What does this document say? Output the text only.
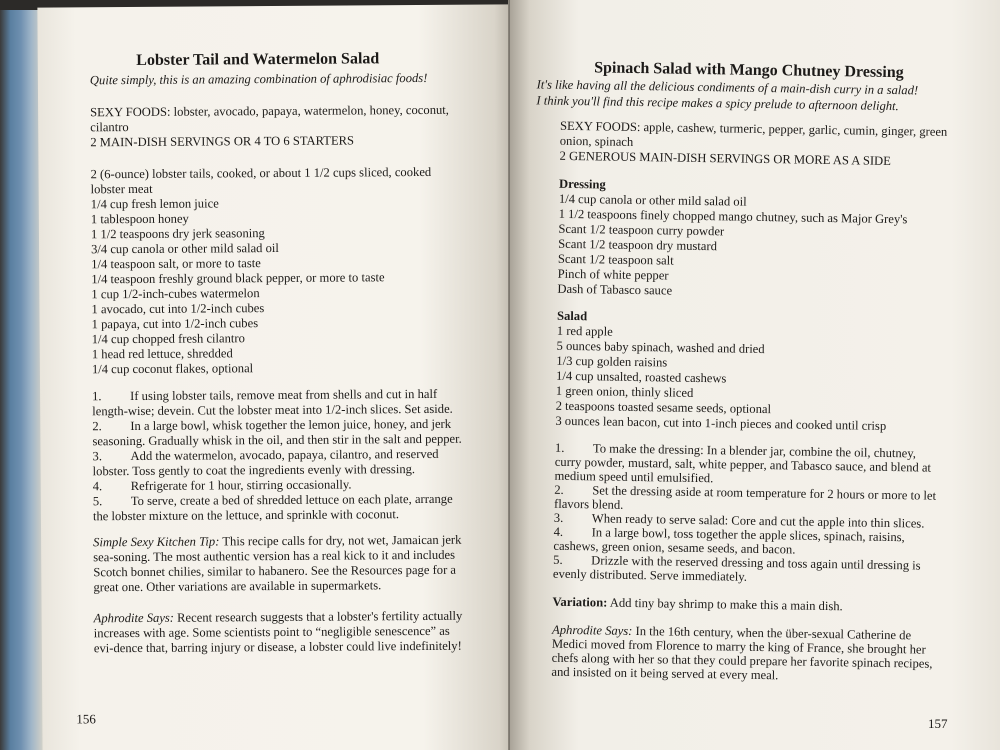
Lobster Tail and Watermelon Salad
Quite simply, this is an amazing combination of aphrodisiac foods!
SEXY FOODS: lobster, avocado, papaya, watermelon, honey, coconut, cilantro
2 MAIN-DISH SERVINGS OR 4 TO 6 STARTERS
2 (6-ounce) lobster tails, cooked, or about 1 1/2 cups sliced, cooked lobster meat
1/4 cup fresh lemon juice
1 tablespoon honey
1 1/2 teaspoons dry jerk seasoning
3/4 cup canola or other mild salad oil
1/4 teaspoon salt, or more to taste
1/4 teaspoon freshly ground black pepper, or more to taste
1 cup 1/2-inch-cubes watermelon
1 avocado, cut into 1/2-inch cubes
1 papaya, cut into 1/2-inch cubes
1/4 cup chopped fresh cilantro
1 head red lettuce, shredded
1/4 cup coconut flakes, optional
1. If using lobster tails, remove meat from shells and cut in half length-wise; devein. Cut the lobster meat into 1/2-inch slices. Set aside.
2. In a large bowl, whisk together the lemon juice, honey, and jerk seasoning. Gradually whisk in the oil, and then stir in the salt and pepper.
3. Add the watermelon, avocado, papaya, cilantro, and reserved lobster. Toss gently to coat the ingredients evenly with dressing.
4. Refrigerate for 1 hour, stirring occasionally.
5. To serve, create a bed of shredded lettuce on each plate, arrange the lobster mixture on the lettuce, and sprinkle with coconut.
Simple Sexy Kitchen Tip: This recipe calls for dry, not wet, Jamaican jerk sea-soning. The most authentic version has a real kick to it and includes Scotch bonnet chilies, similar to habanero. See the Resources page for a great one. Other variations are available in supermarkets.
Aphrodite Says: Recent research suggests that a lobster's fertility actually increases with age. Some scientists point to “negligible senescence” as evi-dence that, barring injury or disease, a lobster could live indefinitely!
156
Spinach Salad with Mango Chutney Dressing
It's like having all the delicious condiments of a main-dish curry in a salad!
I think you'll find this recipe makes a spicy prelude to afternoon delight.
SEXY FOODS: apple, cashew, turmeric, pepper, garlic, cumin, ginger, green onion, spinach
2 GENEROUS MAIN-DISH SERVINGS OR MORE AS A SIDE
Dressing
1/4 cup canola or other mild salad oil
1 1/2 teaspoons finely chopped mango chutney, such as Major Grey's
Scant 1/2 teaspoon curry powder
Scant 1/2 teaspoon dry mustard
Scant 1/2 teaspoon salt
Pinch of white pepper
Dash of Tabasco sauce
Salad
1 red apple
5 ounces baby spinach, washed and dried
1/3 cup golden raisins
1/4 cup unsalted, roasted cashews
1 green onion, thinly sliced
2 teaspoons toasted sesame seeds, optional
3 ounces lean bacon, cut into 1-inch pieces and cooked until crisp
1. To make the dressing: In a blender jar, combine the oil, chutney, curry powder, mustard, salt, white pepper, and Tabasco sauce, and blend at medium speed until emulsified.
2. Set the dressing aside at room temperature for 2 hours or more to let flavors blend.
3. When ready to serve salad: Core and cut the apple into thin slices.
4. In a large bowl, toss together the apple slices, spinach, raisins, cashews, green onion, sesame seeds, and bacon.
5. Drizzle with the reserved dressing and toss again until dressing is evenly distributed. Serve immediately.
Variation: Add tiny bay shrimp to make this a main dish.
Aphrodite Says: In the 16th century, when the über-sexual Catherine de Medici moved from Florence to marry the king of France, she brought her chefs along with her so that they could prepare her favorite spinach recipes, and insisted on it being served at every meal.
157
